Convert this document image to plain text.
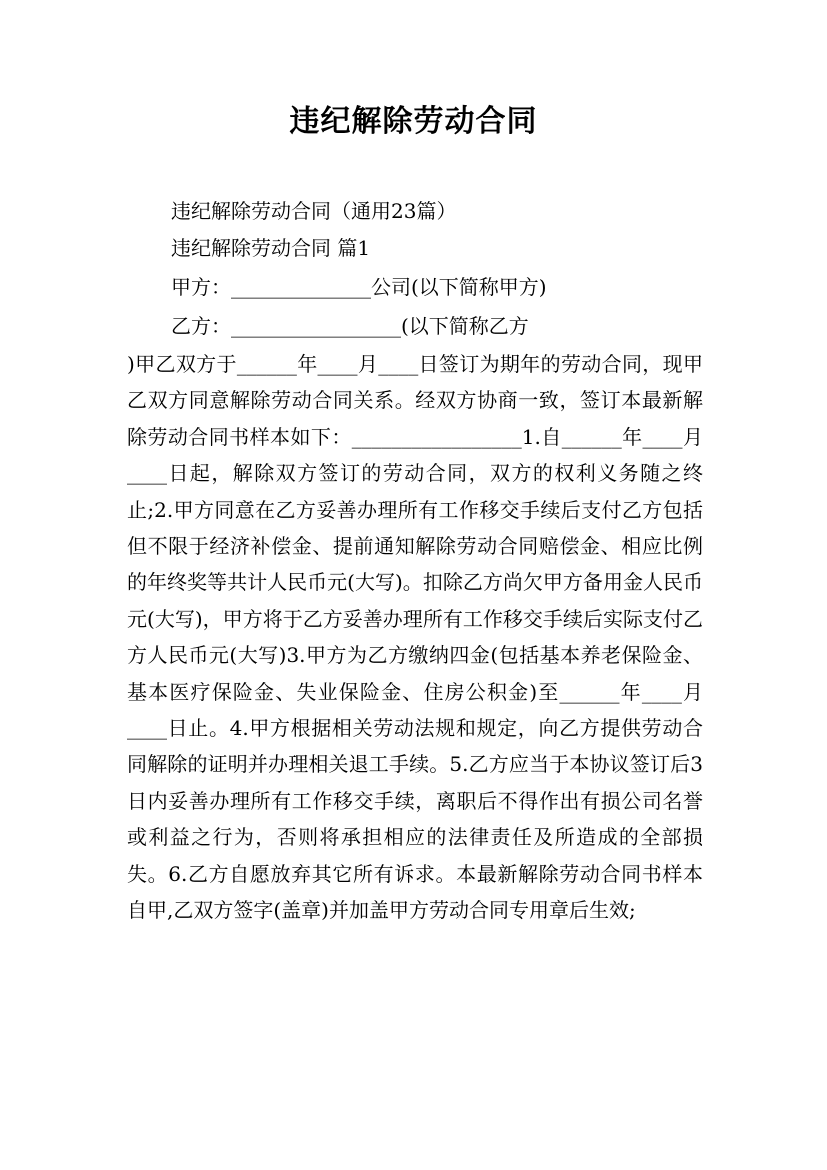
违纪解除劳动合同

违纪解除劳动合同（通用23篇）

违纪解除劳动合同 篇1

甲方：______________公司(以下简称甲方)

乙方：_________________(以下简称乙方

)甲乙双方于______年____月____日签订为期年的劳动合同，现甲乙双方同意解除劳动合同关系。经双方协商一致，签订本最新解除劳动合同书样本如下：_________________1.自______年____月____日起，解除双方签订的劳动合同，双方的权利义务随之终止;2.甲方同意在乙方妥善办理所有工作移交手续后支付乙方包括但不限于经济补偿金、提前通知解除劳动合同赔偿金、相应比例的年终奖等共计人民币元(大写)。扣除乙方尚欠甲方备用金人民币元(大写)，甲方将于乙方妥善办理所有工作移交手续后实际支付乙方人民币元(大写)3.甲方为乙方缴纳四金(包括基本养老保险金、基本医疗保险金、失业保险金、住房公积金)至______年____月____日止。4.甲方根据相关劳动法规和规定，向乙方提供劳动合同解除的证明并办理相关退工手续。5.乙方应当于本协议签订后3日内妥善办理所有工作移交手续，离职后不得作出有损公司名誉或利益之行为，否则将承担相应的法律责任及所造成的全部损失。6.乙方自愿放弃其它所有诉求。本最新解除劳动合同书样本自甲,乙双方签字(盖章)并加盖甲方劳动合同专用章后生效;
